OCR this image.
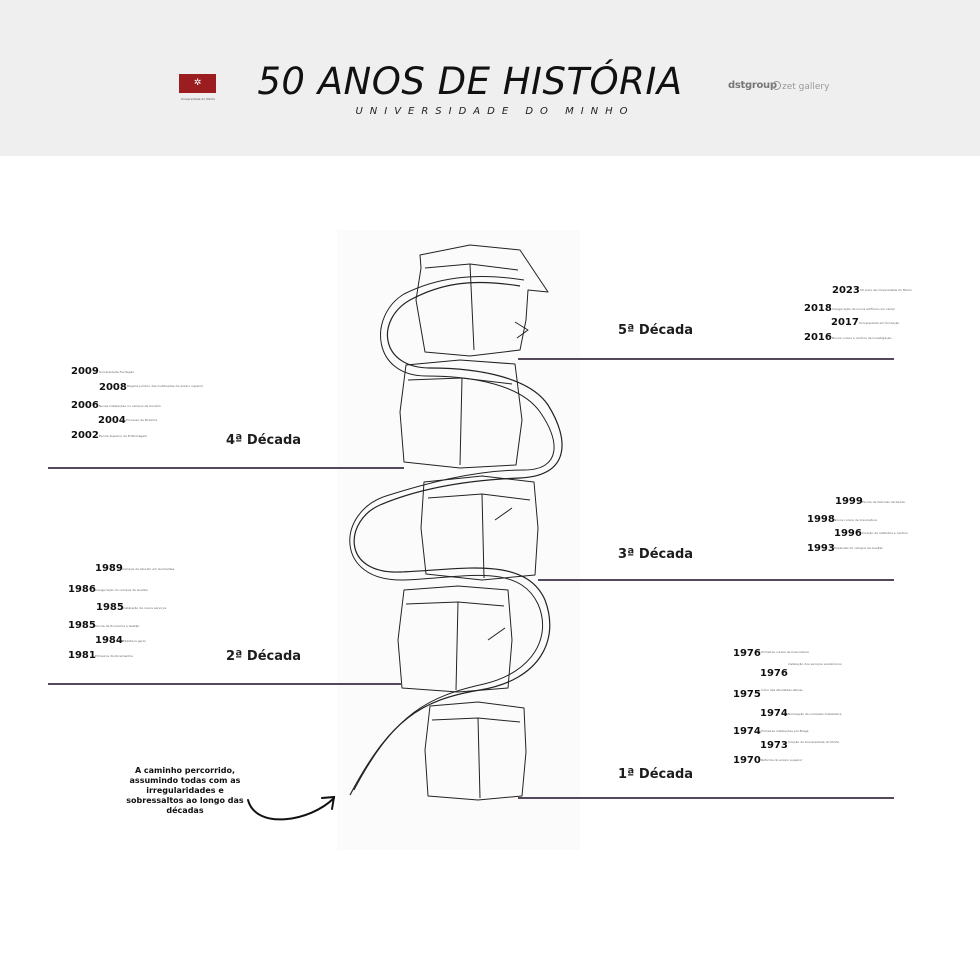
✲
Universidade do Minho	50 ANOS DE HISTÓRIA
UNIVERSIDADE DO MINHO
dstgroup zet gallery
5ª Década
4ª Década
3ª Década
2ª Década
1ª Década
2023 50 anos da Universidade do Minho
2018 Inauguração de novos edifícios nos campi
2017 Universidade em fundação
2016 Novos cursos e centros de investigação
2009 Universidade Fundação
2008 Regime jurídico das instituições de ensino superior
2006 Novas instalações no campus de Azurém
2004 Processo de Bolonha
2002 Escola Superior de Enfermagem
1999 Escola de Ciências da Saúde
1998 Novos cursos de licenciatura
1996 Criação de institutos e centros
1993 Expansão do campus de Gualtar
1989 Campus de Azurém em Guimarães
1986 Inauguração do campus de Gualtar
1985 Instalação de novos serviços
1985 Escola de Economia e Gestão
1984 Biblioteca geral
1981 Primeiros doutoramentos	1976 Primeiros cursos de licenciatura
1976
Instalação dos serviços académicos
1975 Início das atividades letivas
1974 Nomeação da comissão instaladora
1974 Primeiras instalações em Braga
1973 Criação da Universidade do Minho
1970 Reforma do ensino superior
A caminho percorrido, assumindo todas com as irregularidades e sobressaltos ao longo das décadas
